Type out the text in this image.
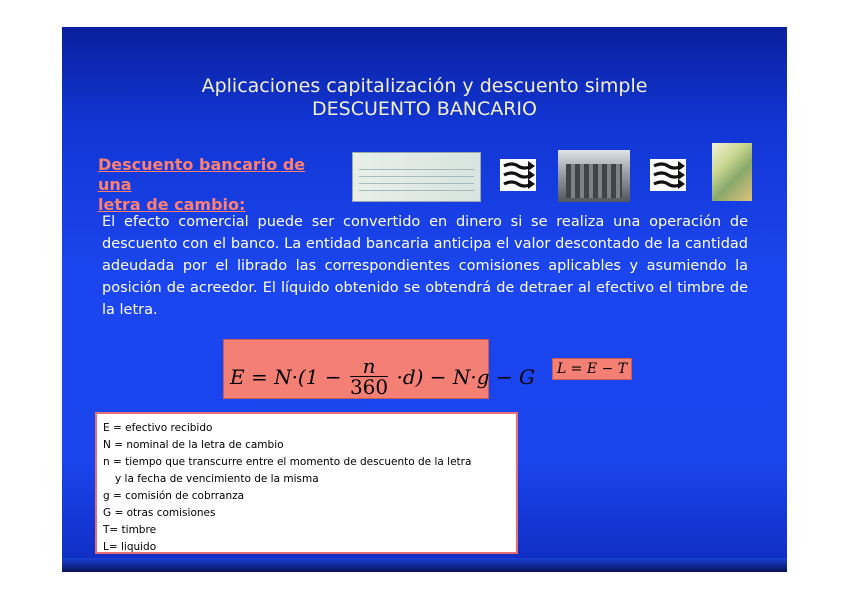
Aplicaciones capitalización y descuento simple
DESCUENTO BANCARIO
Descuento bancario de una
letra de cambio:
El efecto comercial puede ser convertido en dinero si se realiza una operación de descuento con el banco. La entidad bancaria anticipa el valor descontado de la cantidad adeudada por el librado las correspondientes comisiones aplicables y asumiendo la posición de acreedor. El líquido obtenido se obtendrá de detraer al efectivo el timbre de la letra.
$E = N\cdot(1 - \frac{n}{360} \cdot d) - N\cdot g - G$	L = E − T
E = efectivo recibido
N = nominal de la letra de cambio
n = tiempo que transcurre entre el momento de descuento de la letra
y la fecha de vencimiento de la misma
g = comisión de cobrranza
G = otras comisiones
T= timbre
L= liquido
